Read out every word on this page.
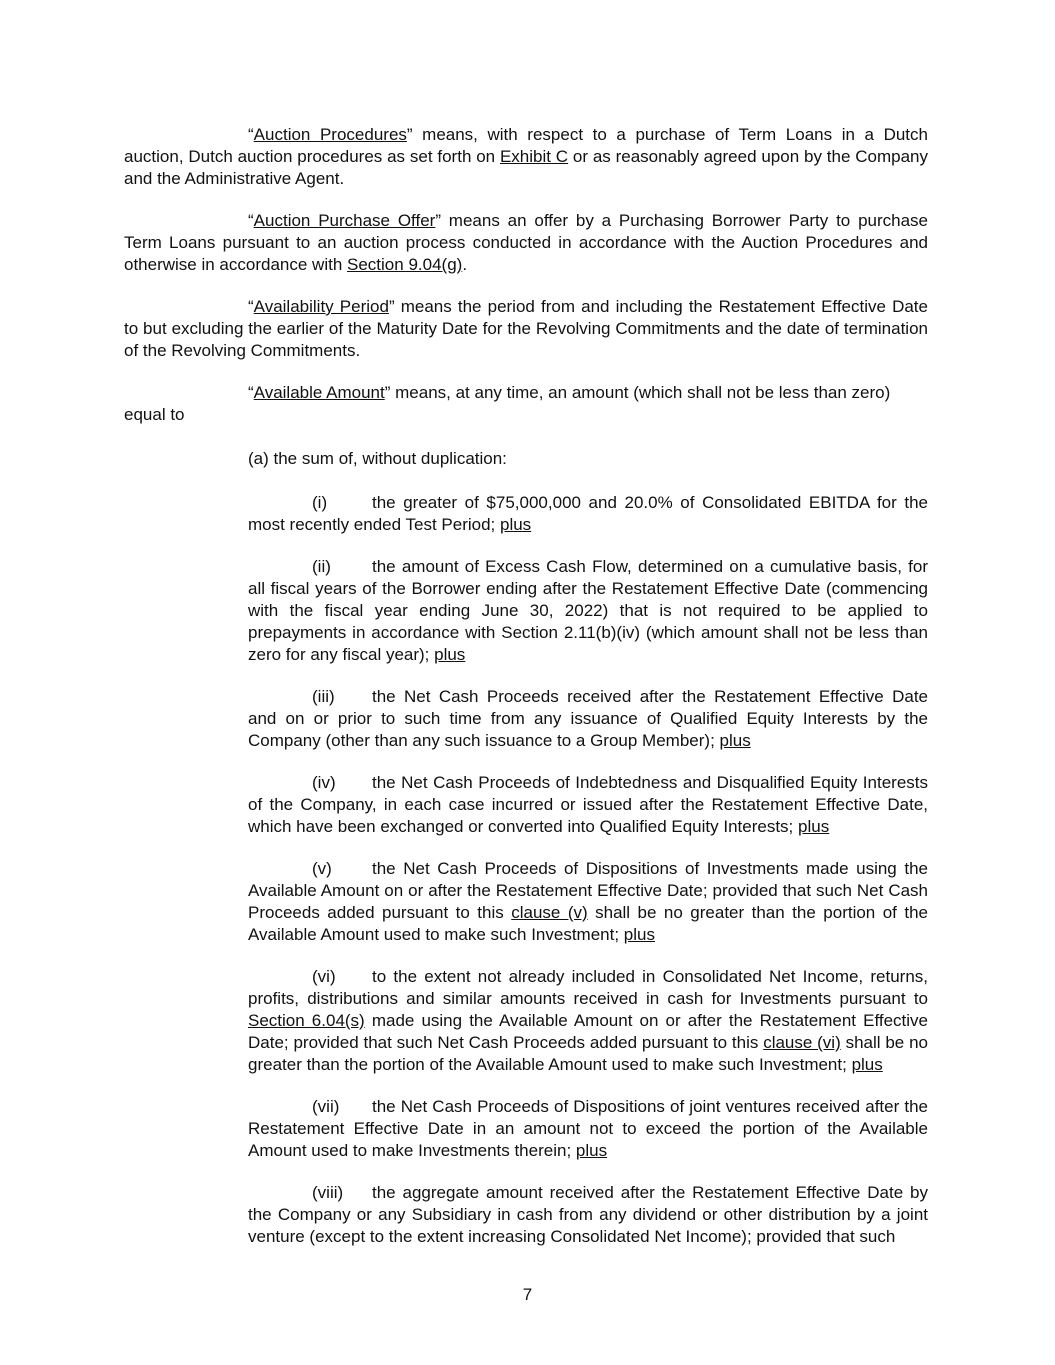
“Auction Procedures” means, with respect to a purchase of Term Loans in a Dutch auction, Dutch auction procedures as set forth on Exhibit C or as reasonably agreed upon by the Company and the Administrative Agent.

“Auction Purchase Offer” means an offer by a Purchasing Borrower Party to purchase Term Loans pursuant to an auction process conducted in accordance with the Auction Procedures and otherwise in accordance with Section 9.04(g).

“Availability Period” means the period from and including the Restatement Effective Date to but excluding the earlier of the Maturity Date for the Revolving Commitments and the date of termination of the Revolving Commitments.

“Available Amount” means, at any time, an amount (which shall not be less than zero)

equal to

(a) the sum of, without duplication:

(i)	the greater of $75,000,000 and 20.0% of Consolidated EBITDA for the most recently ended Test Period; plus

(ii) the amount of Excess Cash Flow, determined on a cumulative basis, for all fiscal years of the Borrower ending after the Restatement Effective Date (commencing with the fiscal year ending June 30, 2022) that is not required to be applied to prepayments in accordance with Section 2.11(b)(iv) (which amount shall not be less than zero for any fiscal year); plus

(iii) the Net Cash Proceeds received after the Restatement Effective Date and on or prior to such time from any issuance of Qualified Equity Interests by the Company (other than any such issuance to a Group Member); plus

(iv) the Net Cash Proceeds of Indebtedness and Disqualified Equity Interests of the Company, in each case incurred or issued after the Restatement Effective Date, which have been exchanged or converted into Qualified Equity Interests; plus

(v) the Net Cash Proceeds of Dispositions of Investments made using the Available Amount on or after the Restatement Effective Date; provided that such Net Cash Proceeds added pursuant to this clause (v) shall be no greater than the portion of the Available Amount used to make such Investment; plus

(vi) to the extent not already included in Consolidated Net Income, returns, profits, distributions and similar amounts received in cash for Investments pursuant to Section 6.04(s) made using the Available Amount on or after the Restatement Effective Date; provided that such Net Cash Proceeds added pursuant to this clause (vi) shall be no greater than the portion of the Available Amount used to make such Investment; plus

(vii) the Net Cash Proceeds of Dispositions of joint ventures received after the Restatement Effective Date in an amount not to exceed the portion of the Available Amount used to make Investments therein; plus

(viii) the aggregate amount received after the Restatement Effective Date by the Company or any Subsidiary in cash from any dividend or other distribution by a joint venture (except to the extent increasing Consolidated Net Income); provided that such

7
